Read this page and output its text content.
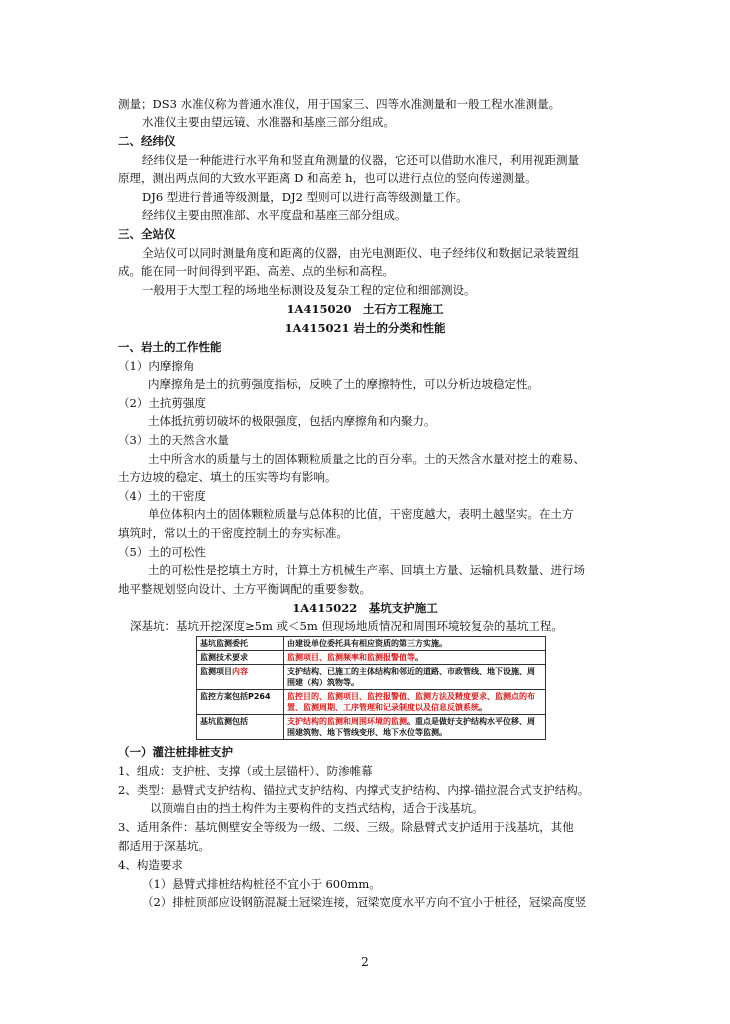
测量；DS3 水准仪称为普通水准仪，用于国家三、四等水准测量和一般工程水准测量。
水准仪主要由望远镜、水准器和基座三部分组成。
二、经纬仪
经纬仪是一种能进行水平角和竖直角测量的仪器，它还可以借助水准尺，利用视距测量
原理，测出两点间的大致水平距离 D 和高差 h，也可以进行点位的竖向传递测量。
DJ6 型进行普通等级测量，DJ2 型则可以进行高等级测量工作。
经纬仪主要由照准部、水平度盘和基座三部分组成。
三、全站仪
全站仪可以同时测量角度和距离的仪器，由光电测距仪、电子经纬仪和数据记录装置组
成。能在同一时间得到平距、高差、点的坐标和高程。
一般用于大型工程的场地坐标测设及复杂工程的定位和细部测设。
1A415020　土石方工程施工
1A415021 岩土的分类和性能
一、岩土的工作性能
（1）内摩擦角
内摩擦角是土的抗剪强度指标，反映了土的摩擦特性，可以分析边坡稳定性。
（2）土抗剪强度
土体抵抗剪切破坏的极限强度，包括内摩擦角和内聚力。
（3）土的天然含水量
土中所含水的质量与土的固体颗粒质量之比的百分率。土的天然含水量对挖土的难易、
土方边坡的稳定、填土的压实等均有影响。
（4）土的干密度
单位体积内土的固体颗粒质量与总体积的比值，干密度越大，表明土越坚实。在土方
填筑时，常以土的干密度控制土的夯实标准。
（5）土的可松性
土的可松性是挖填土方时，计算土方机械生产率、回填土方量、运输机具数量、进行场
地平整规划竖向设计、土方平衡调配的重要参数。
1A415022　基坑支护施工
深基坑：基坑开挖深度≥5m 或＜5m 但现场地质情况和周围环境较复杂的基坑工程。
基坑监测委托	由建设单位委托具有相应资质的第三方实施。
监测技术要求	监测项目、监测频率和监测报警值等。
监测项目内容	支护结构、已施工的主体结构和邻近的道路、市政管线、地下设施、周围建（构）筑物等。
监控方案包括P264	监控目的、监测项目、监控报警值、监测方法及精度要求、监测点的布置、监测周期、工序管理和记录制度以及信息反馈系统。
基坑监测包括	支护结构的监测和周围环境的监测。重点是做好支护结构水平位移、周围建筑物、地下管线变形、地下水位等监测。
（一）灌注桩排桩支护
1、组成：支护桩、支撑（或土层锚杆）、防渗帷幕
2、类型：悬臂式支护结构、锚拉式支护结构、内撑式支护结构、内撑-锚拉混合式支护结构。
以顶端自由的挡土构件为主要构件的支挡式结构，适合于浅基坑。
3、适用条件：基坑侧壁安全等级为一级、二级、三级。除悬臂式支护适用于浅基坑，其他
都适用于深基坑。
4、构造要求
（1）悬臂式排桩结构桩径不宜小于 600mm。
（2）排桩顶部应设钢筋混凝土冠梁连接，冠梁宽度水平方向不宜小于桩径，冠梁高度竖
2
